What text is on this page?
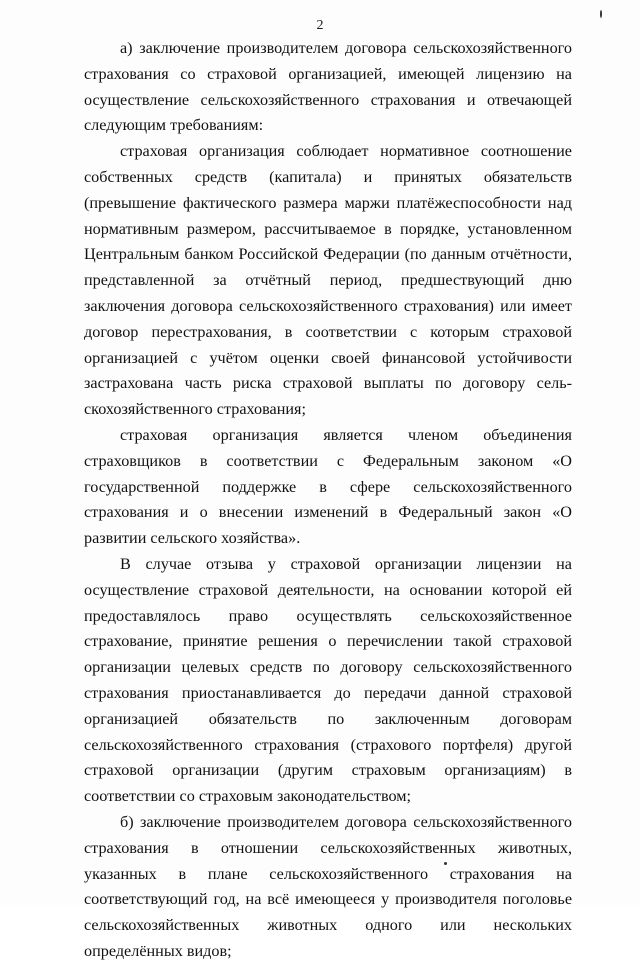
2

а) заключение производителем договора сельскохозяйственного страхования со страховой организацией, имеющей лицензию на осуществление сельскохозяйственного страхования и отвечающей следующим требованиям:

страховая организация соблюдает нормативное соотношение собственных средств (капитала) и принятых обязательств (превышение фактического размера маржи платёжеспособности над нормативным размером, рассчитываемое в порядке, установленном Центральным банком Российской Федерации (по данным отчётности, представленной за отчётный период, предшествующий дню заключения договора сельскохозяйственного страхования) или имеет договор перестрахования, в соответствии с которым страховой организацией с учётом оценки своей финансовой устойчивости застрахована часть риска страховой выплаты по договору сельскохозяйственного страхования;

страховая организация является членом объединения страховщиков в соответствии с Федеральным законом «О государственной поддержке в сфере сельскохозяйственного страхования и о внесении изменений в Федеральный закон «О развитии сельского хозяйства».

В случае отзыва у страховой организации лицензии на осуществление страховой деятельности, на основании которой ей предоставлялось право осуществлять сельскохозяйственное страхование, принятие решения о перечислении такой страховой организации целевых средств по договору сельскохозяйственного страхования приостанавливается до передачи данной страховой организацией обязательств по заключенным договорам сельскохозяйственного страхования (страхового портфеля) другой страховой организации (другим страховым организациям) в соответствии со страховым законодательством;

б) заключение производителем договора сельскохозяйственного страхования в отношении сельскохозяйственных животных, указанных в плане сельскохозяйственного страхования на соответствующий год, на всё имеющееся у производителя поголовье сельскохозяйственных животных одного или нескольких определённых видов;
